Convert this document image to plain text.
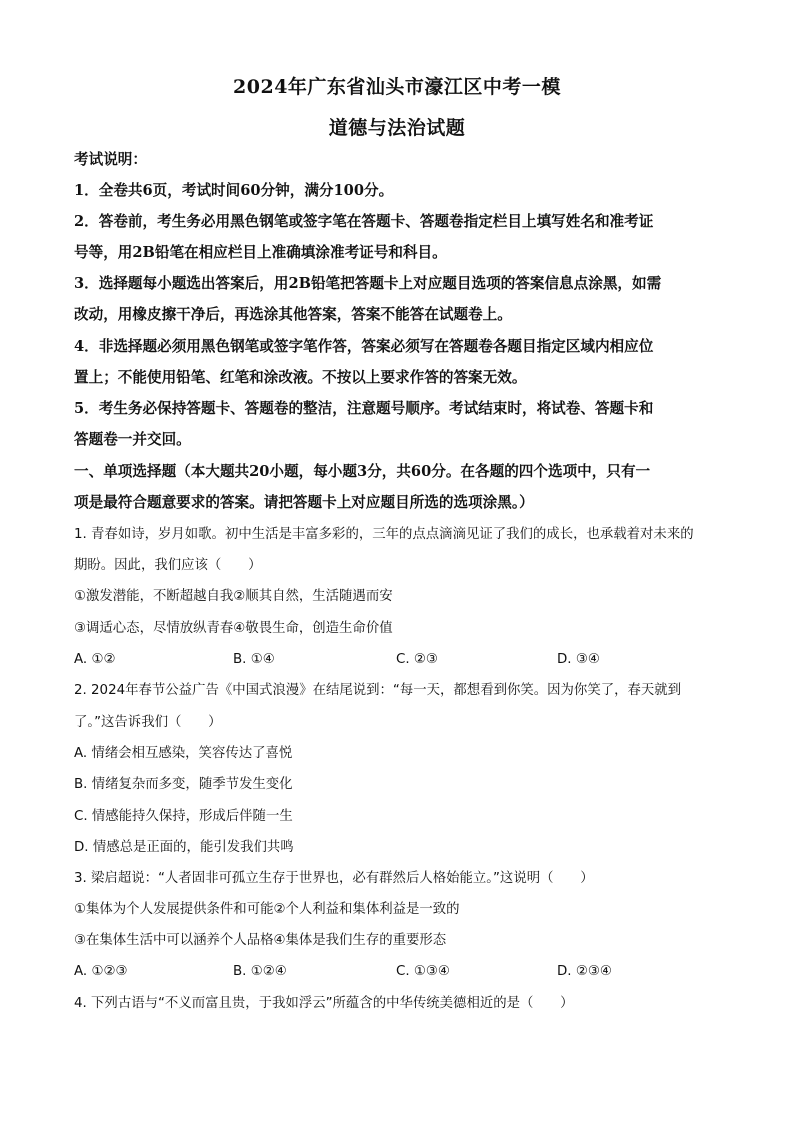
2024年广东省汕头市濠江区中考一模
道德与法治试题
考试说明：
1．全卷共6页，考试时间60分钟，满分100分。
2．答卷前，考生务必用黑色钢笔或签字笔在答题卡、答题卷指定栏目上填写姓名和准考证
号等，用2B铅笔在相应栏目上准确填涂准考证号和科目。
3．选择题每小题选出答案后，用2B铅笔把答题卡上对应题目选项的答案信息点涂黑，如需
改动，用橡皮擦干净后，再选涂其他答案，答案不能答在试题卷上。
4．非选择题必须用黑色钢笔或签字笔作答，答案必须写在答题卷各题目指定区域内相应位
置上；不能使用铅笔、红笔和涂改液。不按以上要求作答的答案无效。
5．考生务必保持答题卡、答题卷的整洁，注意题号顺序。考试结束时，将试卷、答题卡和
答题卷一并交回。
一、单项选择题（本大题共20小题，每小题3分，共60分。在各题的四个选项中，只有一
项是最符合题意要求的答案。请把答题卡上对应题目所选的选项涂黑。）
1. 青春如诗，岁月如歌。初中生活是丰富多彩的，三年的点点滴滴见证了我们的成长，也承载着对未来的
期盼。因此，我们应该（　　）
①激发潜能，不断超越自我②顺其自然，生活随遇而安
③调适心态，尽情放纵青春④敬畏生命，创造生命价值
A. ①②	B. ①④	C. ②③	D. ③④
2. 2024年春节公益广告《中国式浪漫》在结尾说到：“每一天，都想看到你笑。因为你笑了，春天就到
了。”这告诉我们（　　）
A. 情绪会相互感染，笑容传达了喜悦
B. 情绪复杂而多变，随季节发生变化
C. 情感能持久保持，形成后伴随一生
D. 情感总是正面的，能引发我们共鸣
3. 梁启超说：“人者固非可孤立生存于世界也，必有群然后人格始能立。”这说明（　　）
①集体为个人发展提供条件和可能②个人利益和集体利益是一致的
③在集体生活中可以涵养个人品格④集体是我们生存的重要形态
A. ①②③	B. ①②④	C. ①③④	D. ②③④
4. 下列古语与“不义而富且贵，于我如浮云”所蕴含的中华传统美德相近的是（　　）
